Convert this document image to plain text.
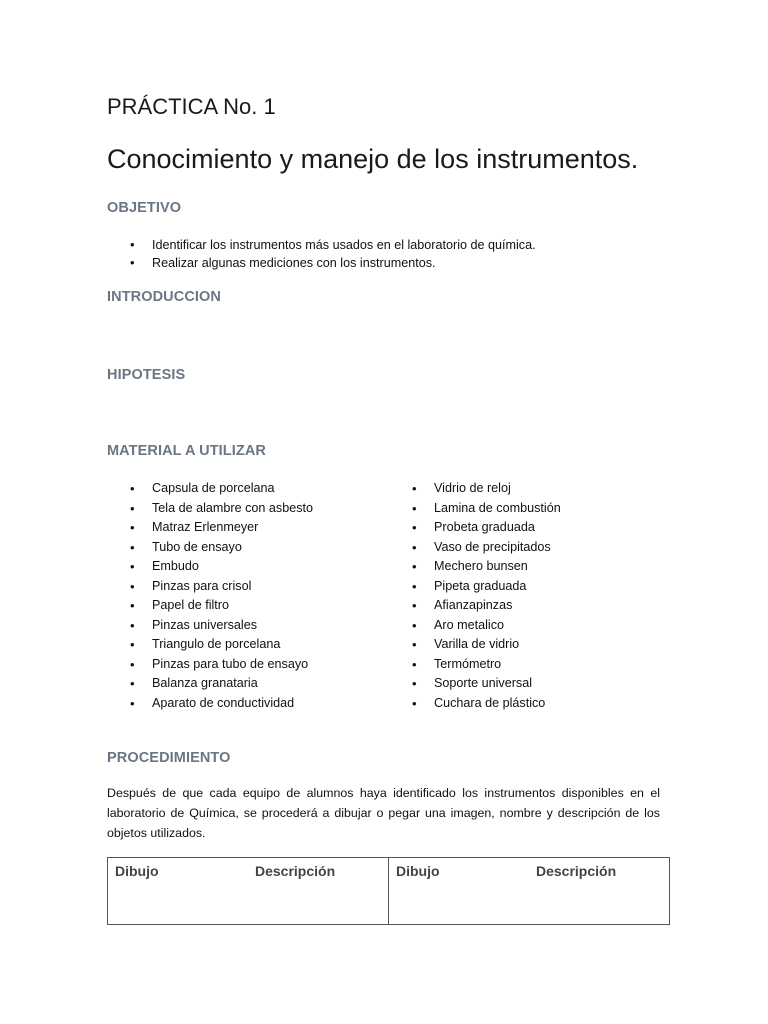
PRÁCTICA No. 1
Conocimiento y manejo de los instrumentos.
OBJETIVO
• Identificar los instrumentos más usados en el laboratorio de química.
• Realizar algunas mediciones con los instrumentos.
INTRODUCCION
HIPOTESIS
MATERIAL A UTILIZAR
• Capsula de porcelana
• Tela de alambre con asbesto
• Matraz Erlenmeyer
• Tubo de ensayo
• Embudo
• Pinzas para crisol
• Papel de filtro
• Pinzas universales
• Triangulo de porcelana
• Pinzas para tubo de ensayo
• Balanza granataria
• Aparato de conductividad
• Vidrio de reloj
• Lamina de combustión
• Probeta graduada
• Vaso de precipitados
• Mechero bunsen
• Pipeta graduada
• Afianzapinzas
• Aro metalico
• Varilla de vidrio
• Termómetro
• Soporte universal
• Cuchara de plástico
PROCEDIMIENTO

Después de que cada equipo de alumnos haya identificado los instrumentos disponibles en el laboratorio de Química, se procederá a dibujar o pegar una imagen, nombre y descripción de los objetos utilizados.

Dibujo	Descripción	Dibujo	Descripción
